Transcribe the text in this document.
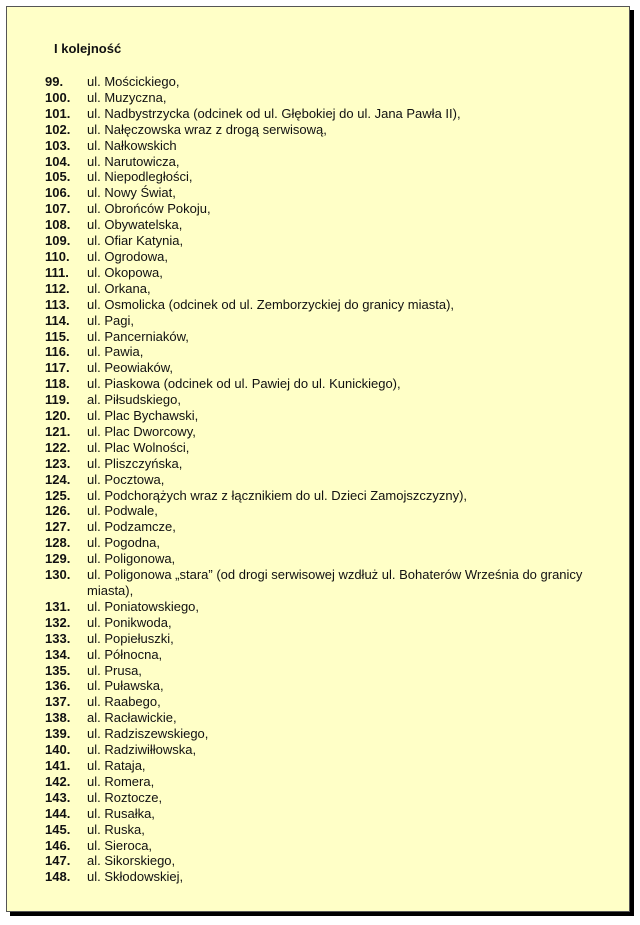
I kolejność
99.	ul. Mościckiego,
100.	ul. Muzyczna,
101.	ul. Nadbystrzycka (odcinek od ul. Głębokiej do ul. Jana Pawła II),
102.	ul. Nałęczowska wraz z drogą serwisową,
103.	ul. Nałkowskich
104.	ul. Narutowicza,
105.	ul. Niepodległości,
106.	ul. Nowy Świat,
107.	ul. Obrońców Pokoju,
108.	ul. Obywatelska,
109.	ul. Ofiar Katynia,
110.	ul. Ogrodowa,
111.	ul. Okopowa,
112.	ul. Orkana,
113.	ul. Osmolicka (odcinek od ul. Zemborzyckiej do granicy miasta),
114.	ul. Pagi,
115.	ul. Pancerniaków,
116.	ul. Pawia,
117.	ul. Peowiaków,
118.	ul. Piaskowa (odcinek od ul. Pawiej do ul. Kunickiego),
119.	al. Piłsudskiego,
120.	ul. Plac Bychawski,
121.	ul. Plac Dworcowy,
122.	ul. Plac Wolności,
123.	ul. Pliszczyńska,
124.	ul. Pocztowa,
125.	ul. Podchorążych wraz z łącznikiem do ul. Dzieci Zamojszczyzny),
126.	ul. Podwale,
127.	ul. Podzamcze,
128.	ul. Pogodna,
129.	ul. Poligonowa,
130.	ul. Poligonowa „stara” (od drogi serwisowej wzdłuż ul. Bohaterów Września do granicy miasta),
131.	ul. Poniatowskiego,
132.	ul. Ponikwoda,
133.	ul. Popiełuszki,
134.	ul. Północna,
135.	ul. Prusa,
136.	ul. Puławska,
137.	ul. Raabego,
138.	al. Racławickie,
139.	ul. Radziszewskiego,
140.	ul. Radziwiłłowska,
141.	ul. Rataja,
142.	ul. Romera,
143.	ul. Roztocze,
144.	ul. Rusałka,
145.	ul. Ruska,
146.	ul. Sieroca,
147.	al. Sikorskiego,
148.	ul. Skłodowskiej,
